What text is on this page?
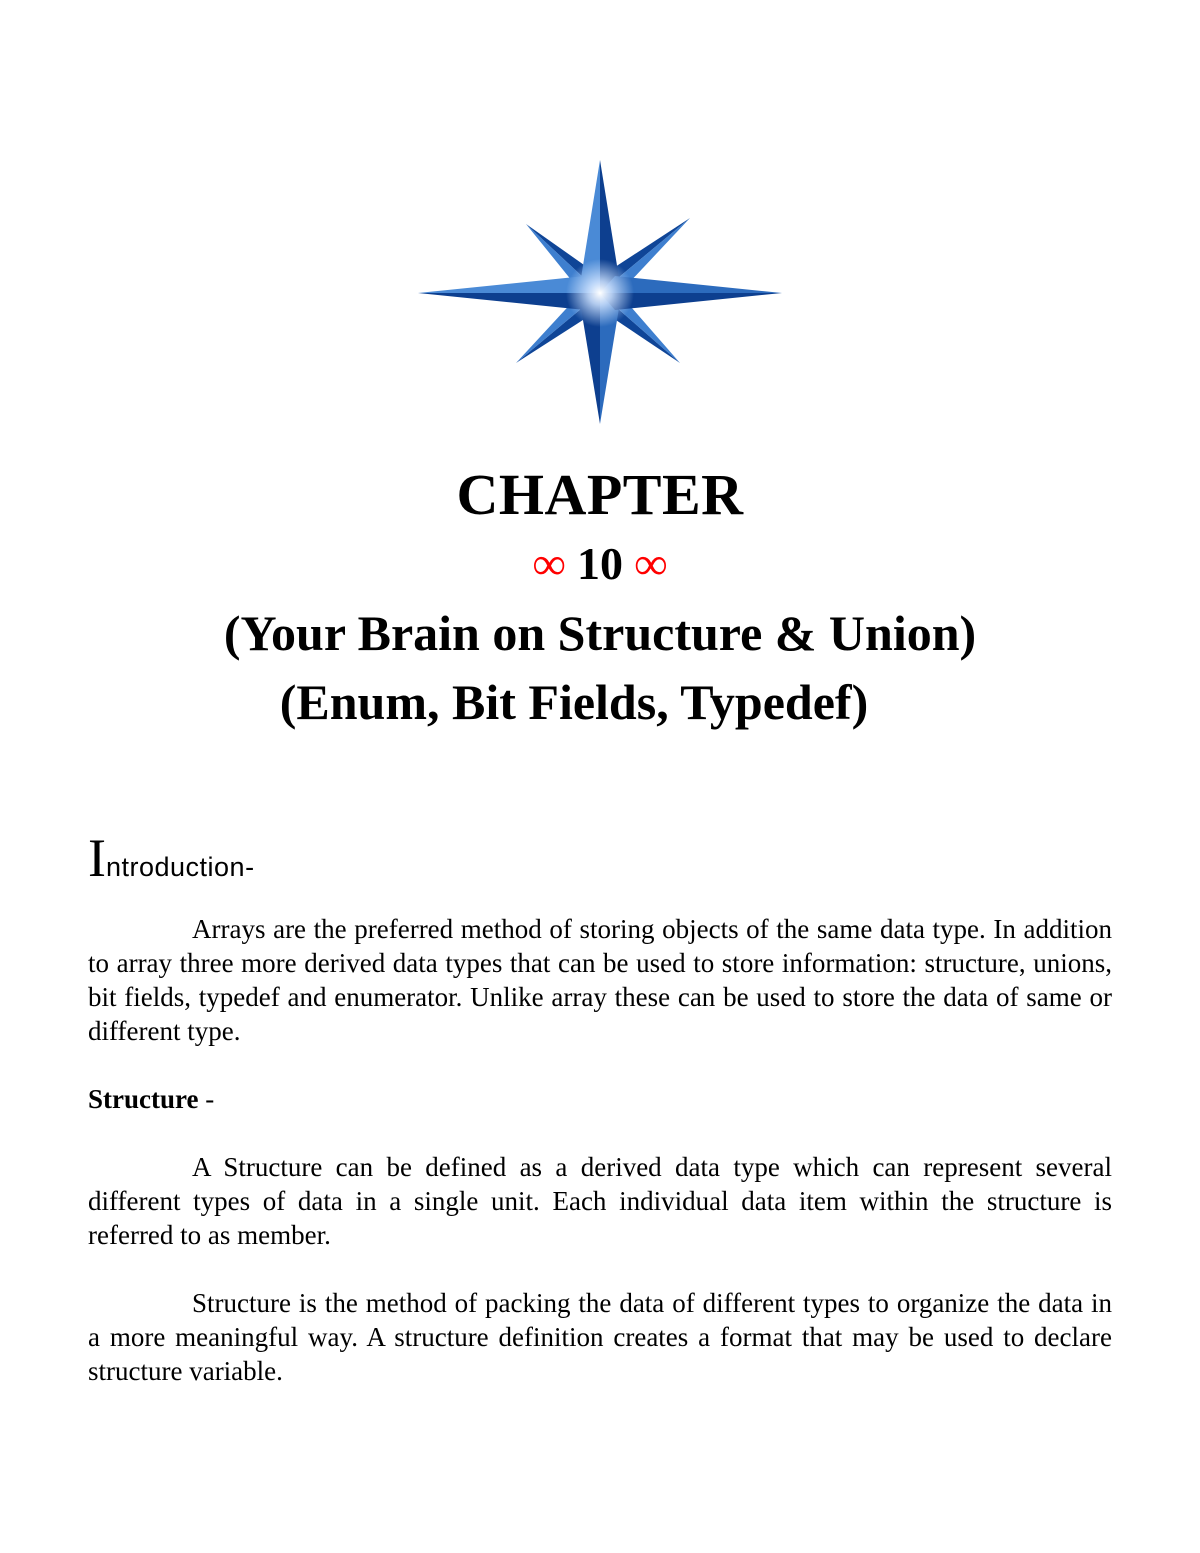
CHAPTER
∞ 10 ∞
(Your Brain on Structure & Union)
(Enum, Bit Fields, Typedef)
Introduction-

Arrays are the preferred method of storing objects of the same data type. In addition to array three more derived data types that can be used to store information: structure, unions, bit fields, typedef and enumerator. Unlike array these can be used to store the data of same or different type.

Structure -

A Structure can be defined as a derived data type which can represent several different types of data in a single unit. Each individual data item within the structure is referred to as member.

Structure is the method of packing the data of different types to organize the data in a more meaningful way. A structure definition creates a format that may be used to declare structure variable.
